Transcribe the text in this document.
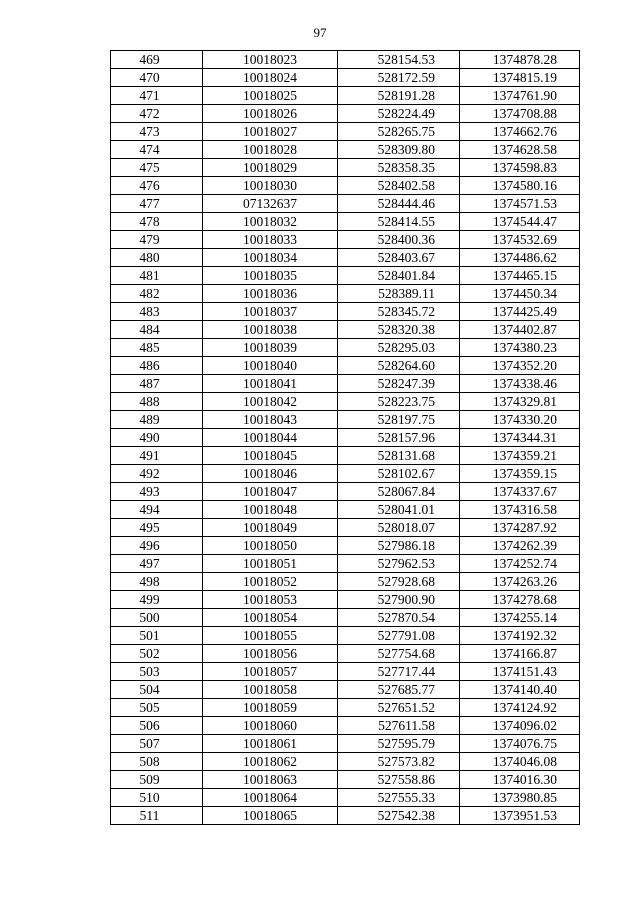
97
469	10018023	528154.53	1374878.28
470	10018024	528172.59	1374815.19
471	10018025	528191.28	1374761.90
472	10018026	528224.49	1374708.88
473	10018027	528265.75	1374662.76
474	10018028	528309.80	1374628.58
475	10018029	528358.35	1374598.83
476	10018030	528402.58	1374580.16
477	07132637	528444.46	1374571.53
478	10018032	528414.55	1374544.47
479	10018033	528400.36	1374532.69
480	10018034	528403.67	1374486.62
481	10018035	528401.84	1374465.15
482	10018036	528389.11	1374450.34
483	10018037	528345.72	1374425.49
484	10018038	528320.38	1374402.87
485	10018039	528295.03	1374380.23
486	10018040	528264.60	1374352.20
487	10018041	528247.39	1374338.46
488	10018042	528223.75	1374329.81
489	10018043	528197.75	1374330.20
490	10018044	528157.96	1374344.31
491	10018045	528131.68	1374359.21
492	10018046	528102.67	1374359.15
493	10018047	528067.84	1374337.67
494	10018048	528041.01	1374316.58
495	10018049	528018.07	1374287.92
496	10018050	527986.18	1374262.39
497	10018051	527962.53	1374252.74
498	10018052	527928.68	1374263.26
499	10018053	527900.90	1374278.68
500	10018054	527870.54	1374255.14
501	10018055	527791.08	1374192.32
502	10018056	527754.68	1374166.87
503	10018057	527717.44	1374151.43
504	10018058	527685.77	1374140.40
505	10018059	527651.52	1374124.92
506	10018060	527611.58	1374096.02
507	10018061	527595.79	1374076.75
508	10018062	527573.82	1374046.08
509	10018063	527558.86	1374016.30
510	10018064	527555.33	1373980.85
511	10018065	527542.38	1373951.53
